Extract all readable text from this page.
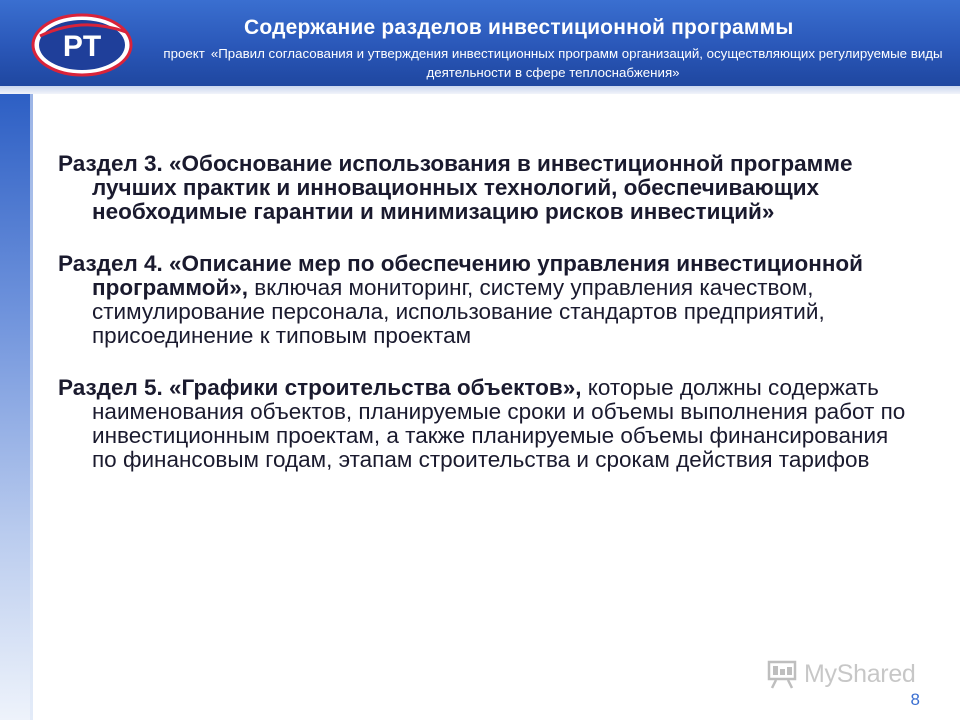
PT
Содержание разделов инвестиционной программы
проект «Правил согласования и утверждения инвестиционных программ организаций, осуществляющих регулируемые виды деятельности в сфере теплоснабжения»

Раздел 3. «Обоснование использования в инвестиционной программе лучших практик и инновационных технологий, обеспечивающих необходимые гарантии и минимизацию рисков инвестиций»

Раздел 4. «Описание мер по обеспечению управления инвестиционной программой», включая мониторинг, систему управления качеством, стимулирование персонала, использование стандартов предприятий, присоединение к типовым проектам

Раздел 5. «Графики строительства объектов», которые должны содержать наименования объектов, планируемые сроки и объемы выполнения работ по инвестиционным проектам, а также планируемые объемы финансирования по финансовым годам, этапам строительства и срокам действия тарифов

MyShared
8
